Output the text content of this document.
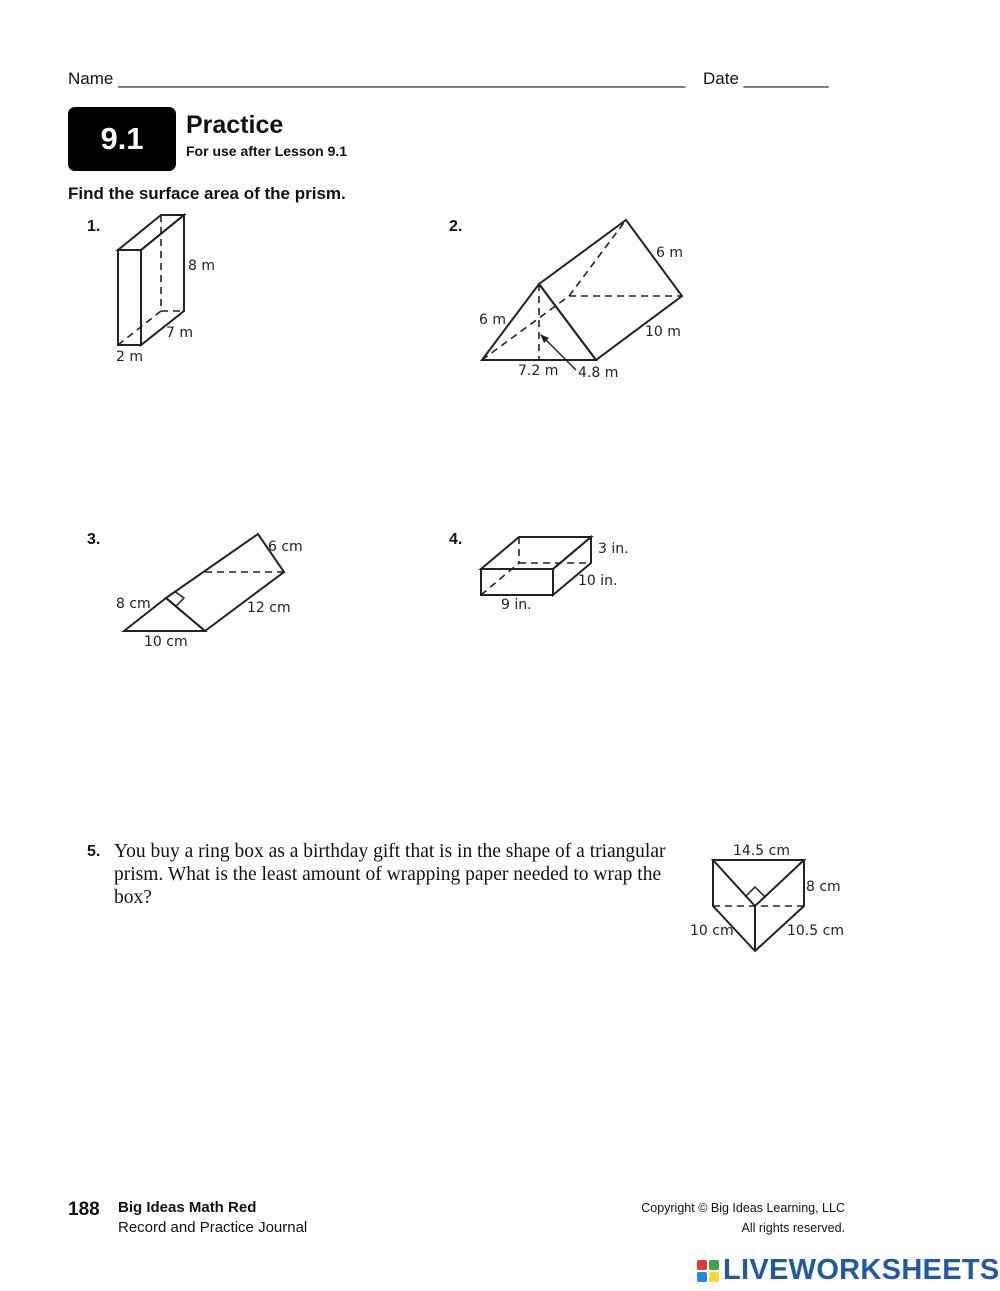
Name ____________________________________________________________ Date _________
9.1	Practice
For use after Lesson 9.1
Find the surface area of the prism.
1.	2.
3.	4.
5.
8 m
7 m
2 m
6 m
6 m
10 m
7.2 m 4.8 m
6 cm
8 cm	12 cm
10 cm
3 in.
10 in.
9 in.
14.5 cm
8 cm
10 cm	10.5 cm
You buy a ring box as a birthday gift that is in the shape of a triangular prism. What is the least amount of wrapping paper needed to wrap the box?
188 Big Ideas Math Red
Record and Practice Journal
Copyright © Big Ideas Learning, LLC
All rights reserved.
LIVEWORKSHEETS
